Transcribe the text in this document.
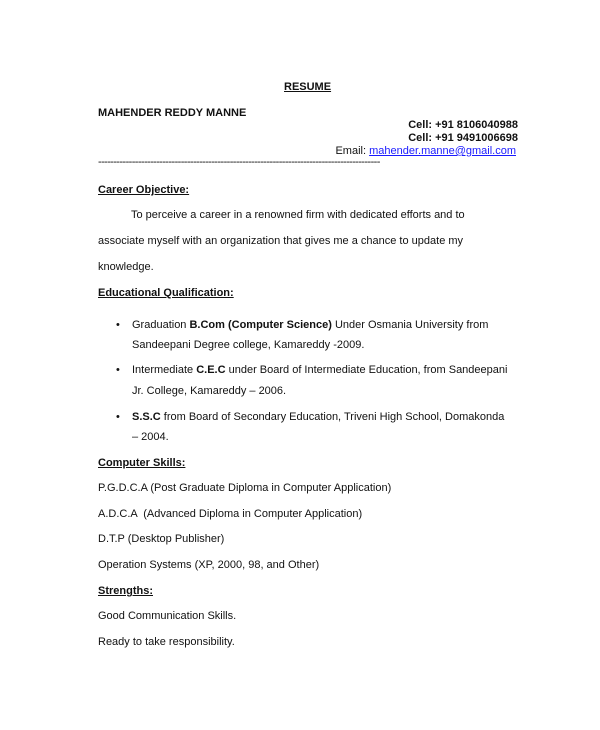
RESUME
MAHENDER REDDY MANNE
Cell: +91 8106040988
Cell: +91 9491006698
Email: mahender.manne@gmail.com
--------------------------------------------------------------------------------------------
Career Objective:
To perceive a career in a renowned firm with dedicated efforts and to
associate myself with an organization that gives me a chance to update my
knowledge.
Educational Qualification:
• Graduation B.Com (Computer Science) Under Osmania University from
Sandeepani Degree college, Kamareddy -2009.
• Intermediate C.E.C under Board of Intermediate Education, from Sandeepani
Jr. College, Kamareddy – 2006.
• S.S.C from Board of Secondary Education, Triveni High School, Domakonda
– 2004.
Computer Skills:
P.G.D.C.A (Post Graduate Diploma in Computer Application)
A.D.C.A  (Advanced Diploma in Computer Application)
D.T.P (Desktop Publisher)
Operation Systems (XP, 2000, 98, and Other)
Strengths:
Good Communication Skills.
Ready to take responsibility.
